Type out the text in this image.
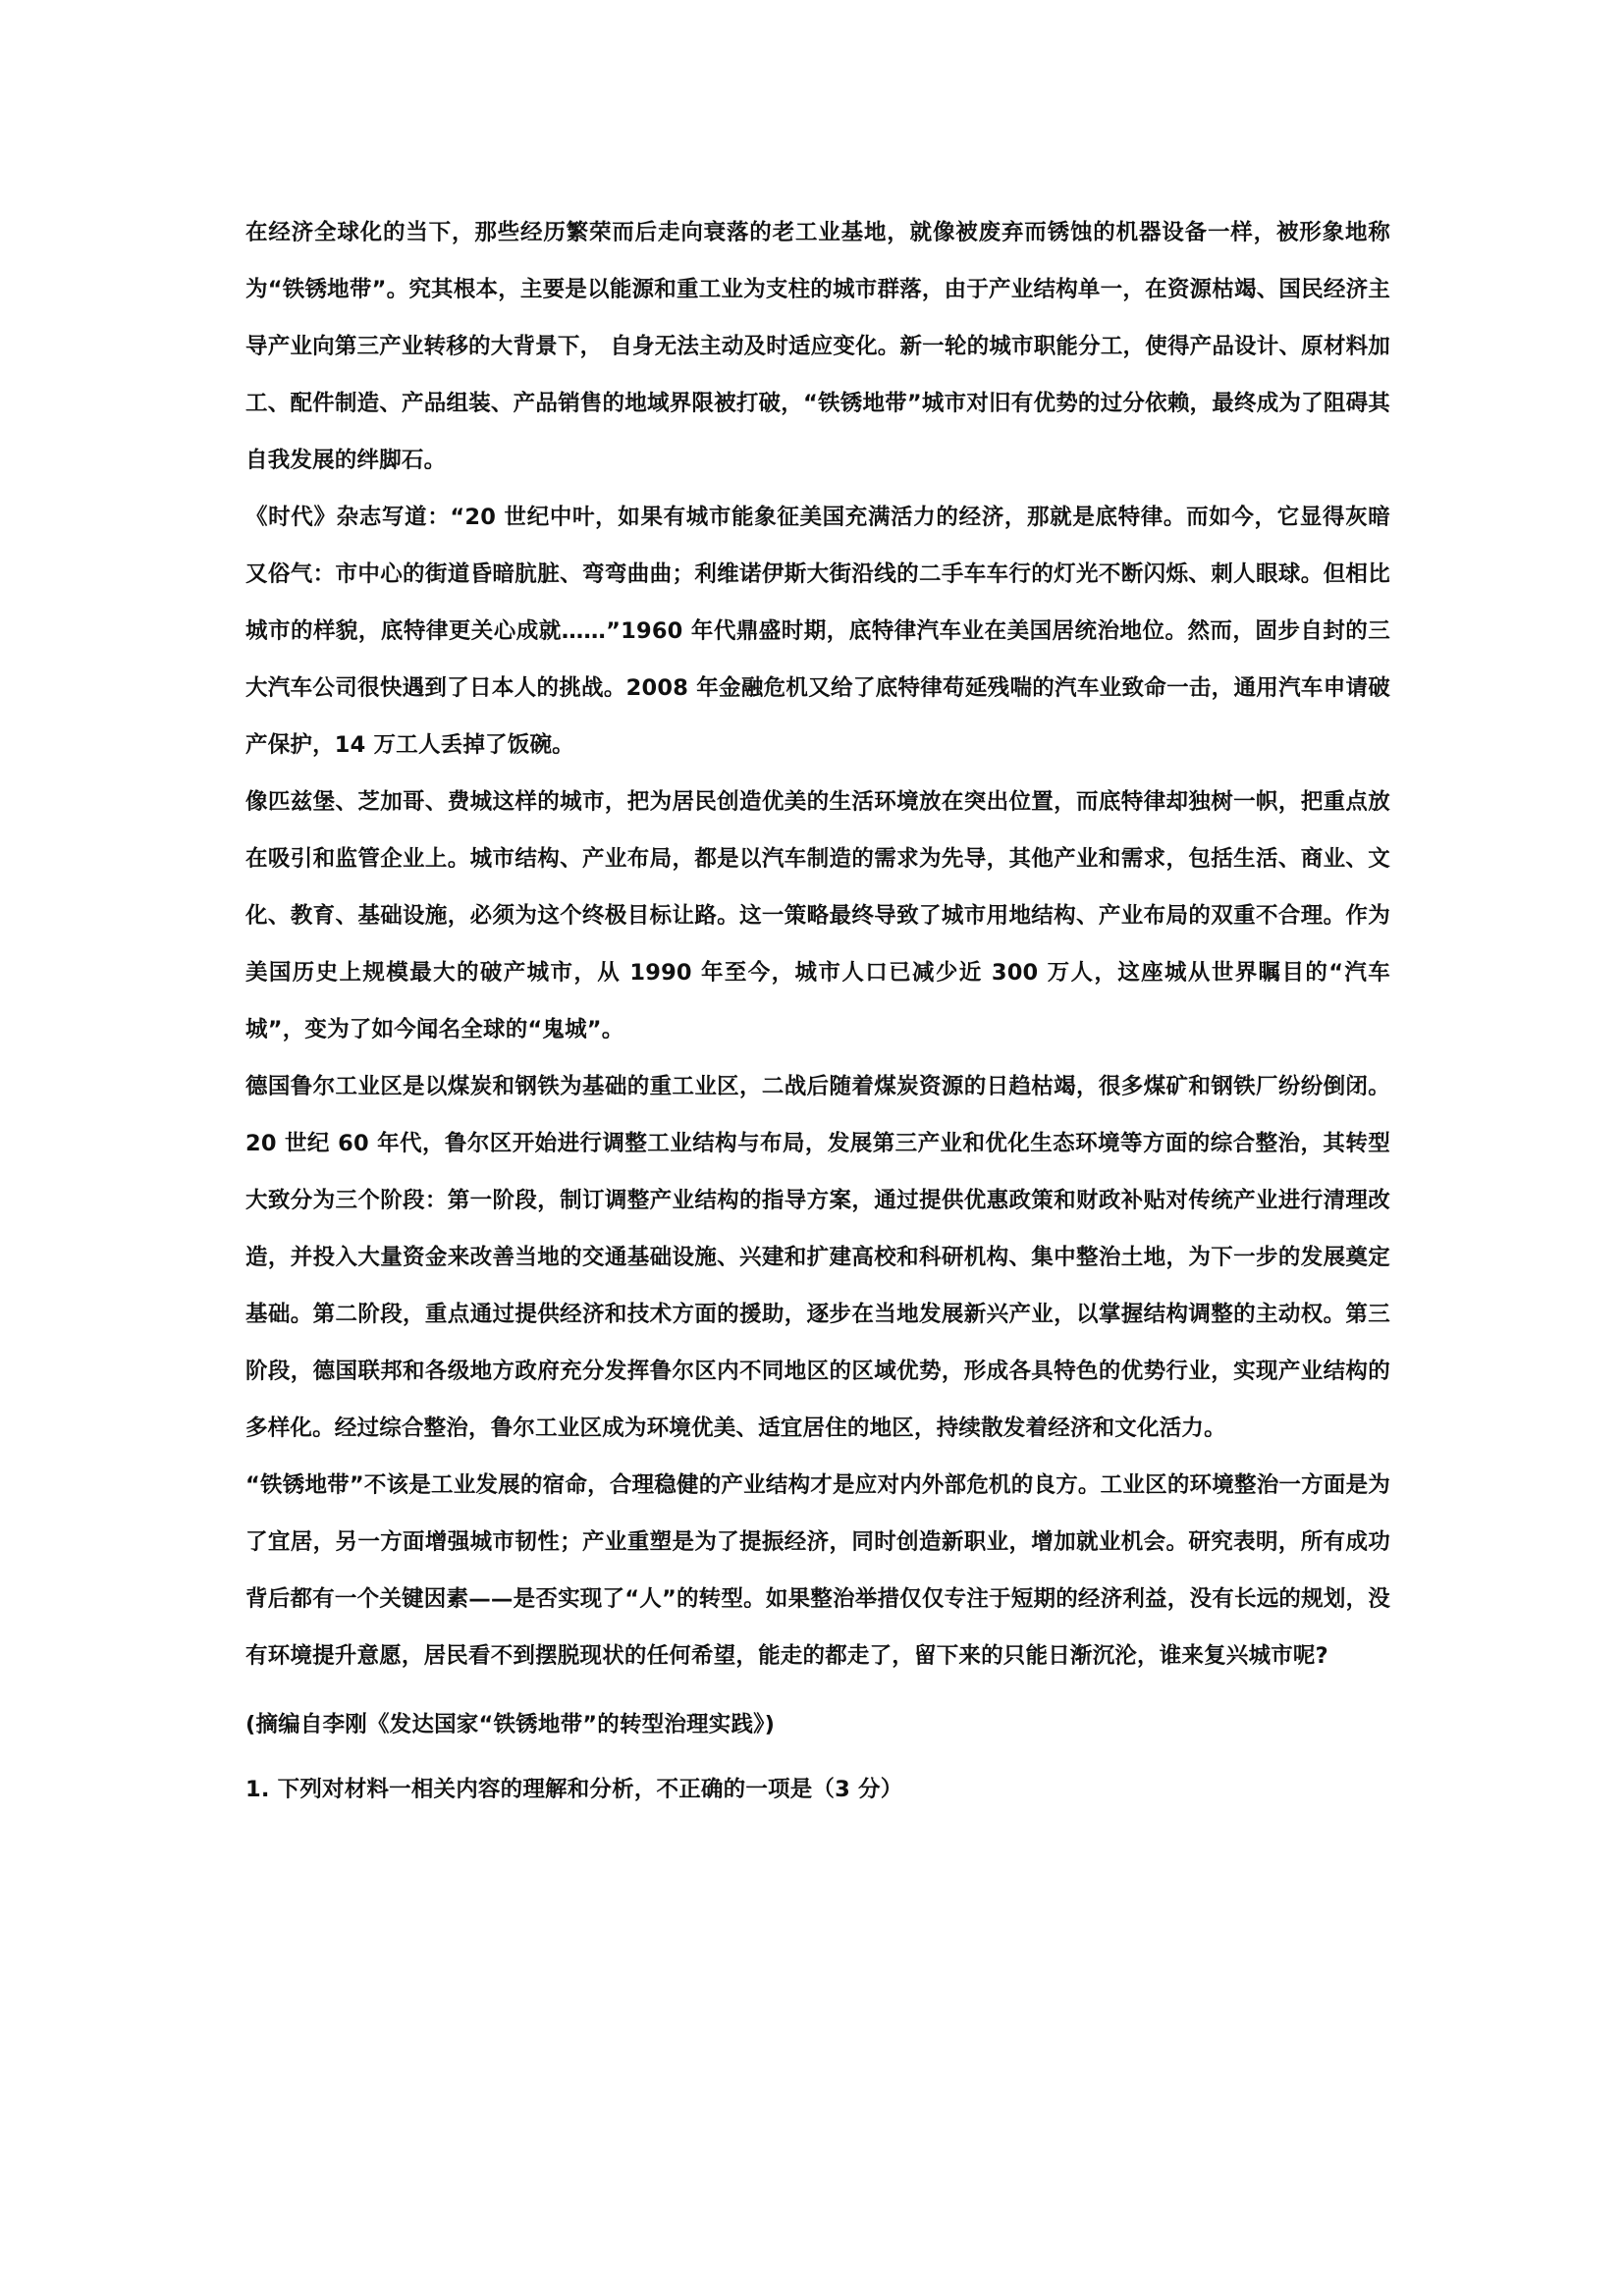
在经济全球化的当下，那些经历繁荣而后走向衰落的老工业基地，就像被废弃而锈蚀的机器设备一样，被形象地称为“铁锈地带”。究其根本，主要是以能源和重工业为支柱的城市群落，由于产业结构单一，在资源枯竭、国民经济主导产业向第三产业转移的大背景下， 自身无法主动及时适应变化。新一轮的城市职能分工，使得产品设计、原材料加工、配件制造、产品组装、产品销售的地域界限被打破，“铁锈地带”城市对旧有优势的过分依赖，最终成为了阻碍其自我发展的绊脚石。

《时代》杂志写道：“20 世纪中叶，如果有城市能象征美国充满活力的经济，那就是底特律。而如今，它显得灰暗又俗气：市中心的街道昏暗肮脏、弯弯曲曲；利维诺伊斯大街沿线的二手车车行的灯光不断闪烁、刺人眼球。但相比城市的样貌，底特律更关心成就……”1960 年代鼎盛时期，底特律汽车业在美国居统治地位。然而，固步自封的三大汽车公司很快遇到了日本人的挑战。2008 年金融危机又给了底特律苟延残喘的汽车业致命一击，通用汽车申请破产保护，14 万工人丢掉了饭碗。

像匹兹堡、芝加哥、费城这样的城市，把为居民创造优美的生活环境放在突出位置，而底特律却独树一帜，把重点放在吸引和监管企业上。城市结构、产业布局，都是以汽车制造的需求为先导，其他产业和需求，包括生活、商业、文化、教育、基础设施，必须为这个终极目标让路。这一策略最终导致了城市用地结构、产业布局的双重不合理。作为美国历史上规模最大的破产城市，从 1990 年至今，城市人口已减少近 300 万人，这座城从世界瞩目的“汽车城”，变为了如今闻名全球的“鬼城”。

德国鲁尔工业区是以煤炭和钢铁为基础的重工业区，二战后随着煤炭资源的日趋枯竭，很多煤矿和钢铁厂纷纷倒闭。20 世纪 60 年代，鲁尔区开始进行调整工业结构与布局，发展第三产业和优化生态环境等方面的综合整治，其转型大致分为三个阶段：第一阶段，制订调整产业结构的指导方案，通过提供优惠政策和财政补贴对传统产业进行清理改造，并投入大量资金来改善当地的交通基础设施、兴建和扩建高校和科研机构、集中整治土地，为下一步的发展奠定基础。第二阶段，重点通过提供经济和技术方面的援助，逐步在当地发展新兴产业，以掌握结构调整的主动权。第三阶段，德国联邦和各级地方政府充分发挥鲁尔区内不同地区的区域优势，形成各具特色的优势行业，实现产业结构的多样化。经过综合整治，鲁尔工业区成为环境优美、适宜居住的地区，持续散发着经济和文化活力。

“铁锈地带”不该是工业发展的宿命，合理稳健的产业结构才是应对内外部危机的良方。工业区的环境整治一方面是为了宜居，另一方面增强城市韧性；产业重塑是为了提振经济，同时创造新职业，增加就业机会。研究表明，所有成功背后都有一个关键因素——是否实现了“人”的转型。如果整治举措仅仅专注于短期的经济利益，没有长远的规划，没有环境提升意愿，居民看不到摆脱现状的任何希望，能走的都走了，留下来的只能日渐沉沦，谁来复兴城市呢?

(摘编自李刚《发达国家“铁锈地带”的转型治理实践》)

1. 下列对材料一相关内容的理解和分析，不正确的一项是（3 分）
